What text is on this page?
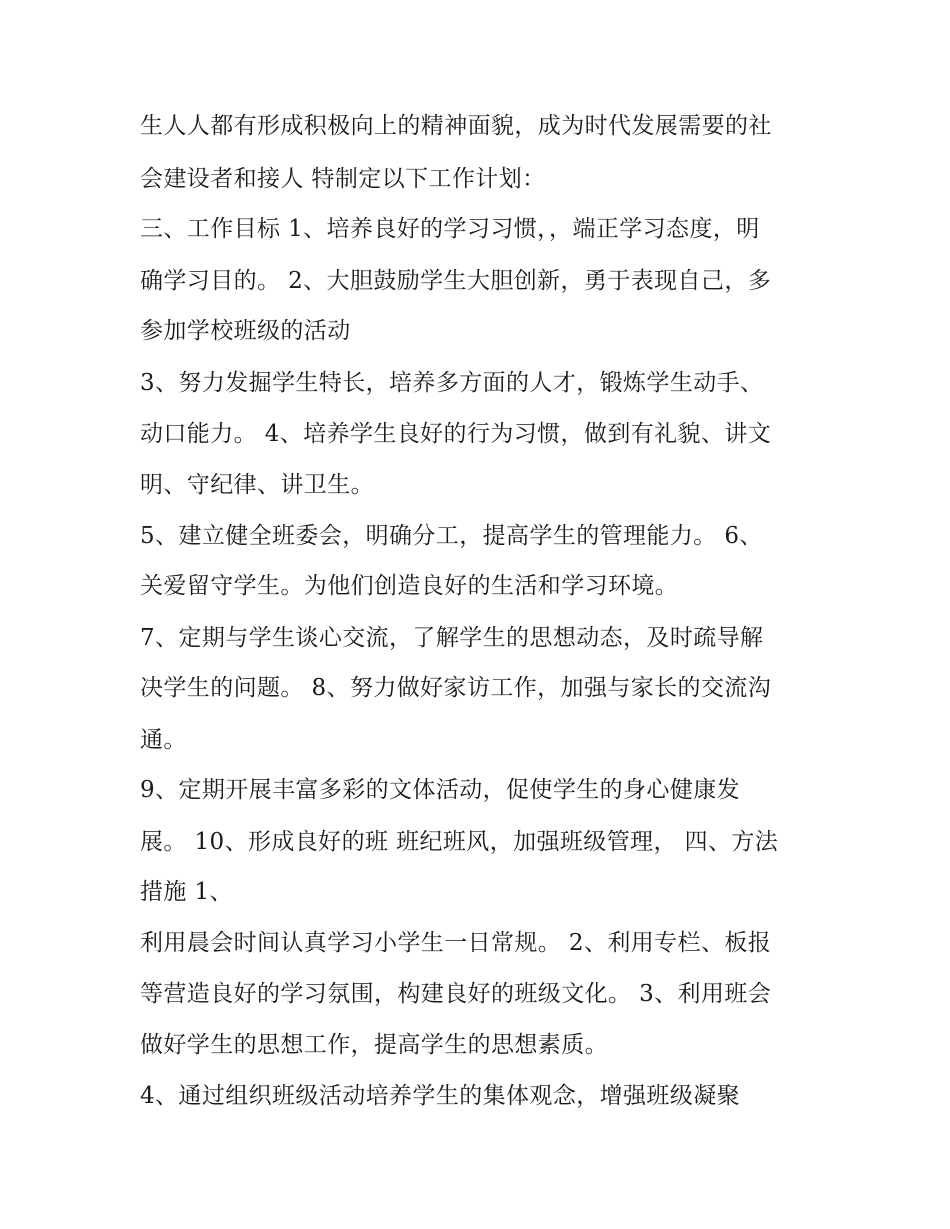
生人人都有形成积极向上的精神面貌，成为时代发展需要的社

会建设者和接人 特制定以下工作计划：

三、工作目标 1、培养良好的学习习惯，，端正学习态度，明

确学习目的。 2、大胆鼓励学生大胆创新，勇于表现自己，多

参加学校班级的活动

3、努力发掘学生特长，培养多方面的人才，锻炼学生动手、

动口能力。 4、培养学生良好的行为习惯，做到有礼貌、讲文

明、守纪律、讲卫生。

5、建立健全班委会，明确分工，提高学生的管理能力。 6、

关爱留守学生。为他们创造良好的生活和学习环境。

7、定期与学生谈心交流，了解学生的思想动态，及时疏导解

决学生的问题。 8、努力做好家访工作，加强与家长的交流沟

通。

9、定期开展丰富多彩的文体活动，促使学生的身心健康发

展。 10、形成良好的班 班纪班风，加强班级管理， 四、方法

措施 1、

利用晨会时间认真学习小学生一日常规。 2、利用专栏、板报

等营造良好的学习氛围，构建良好的班级文化。 3、利用班会

做好学生的思想工作，提高学生的思想素质。

4、通过组织班级活动培养学生的集体观念，增强班级凝聚
